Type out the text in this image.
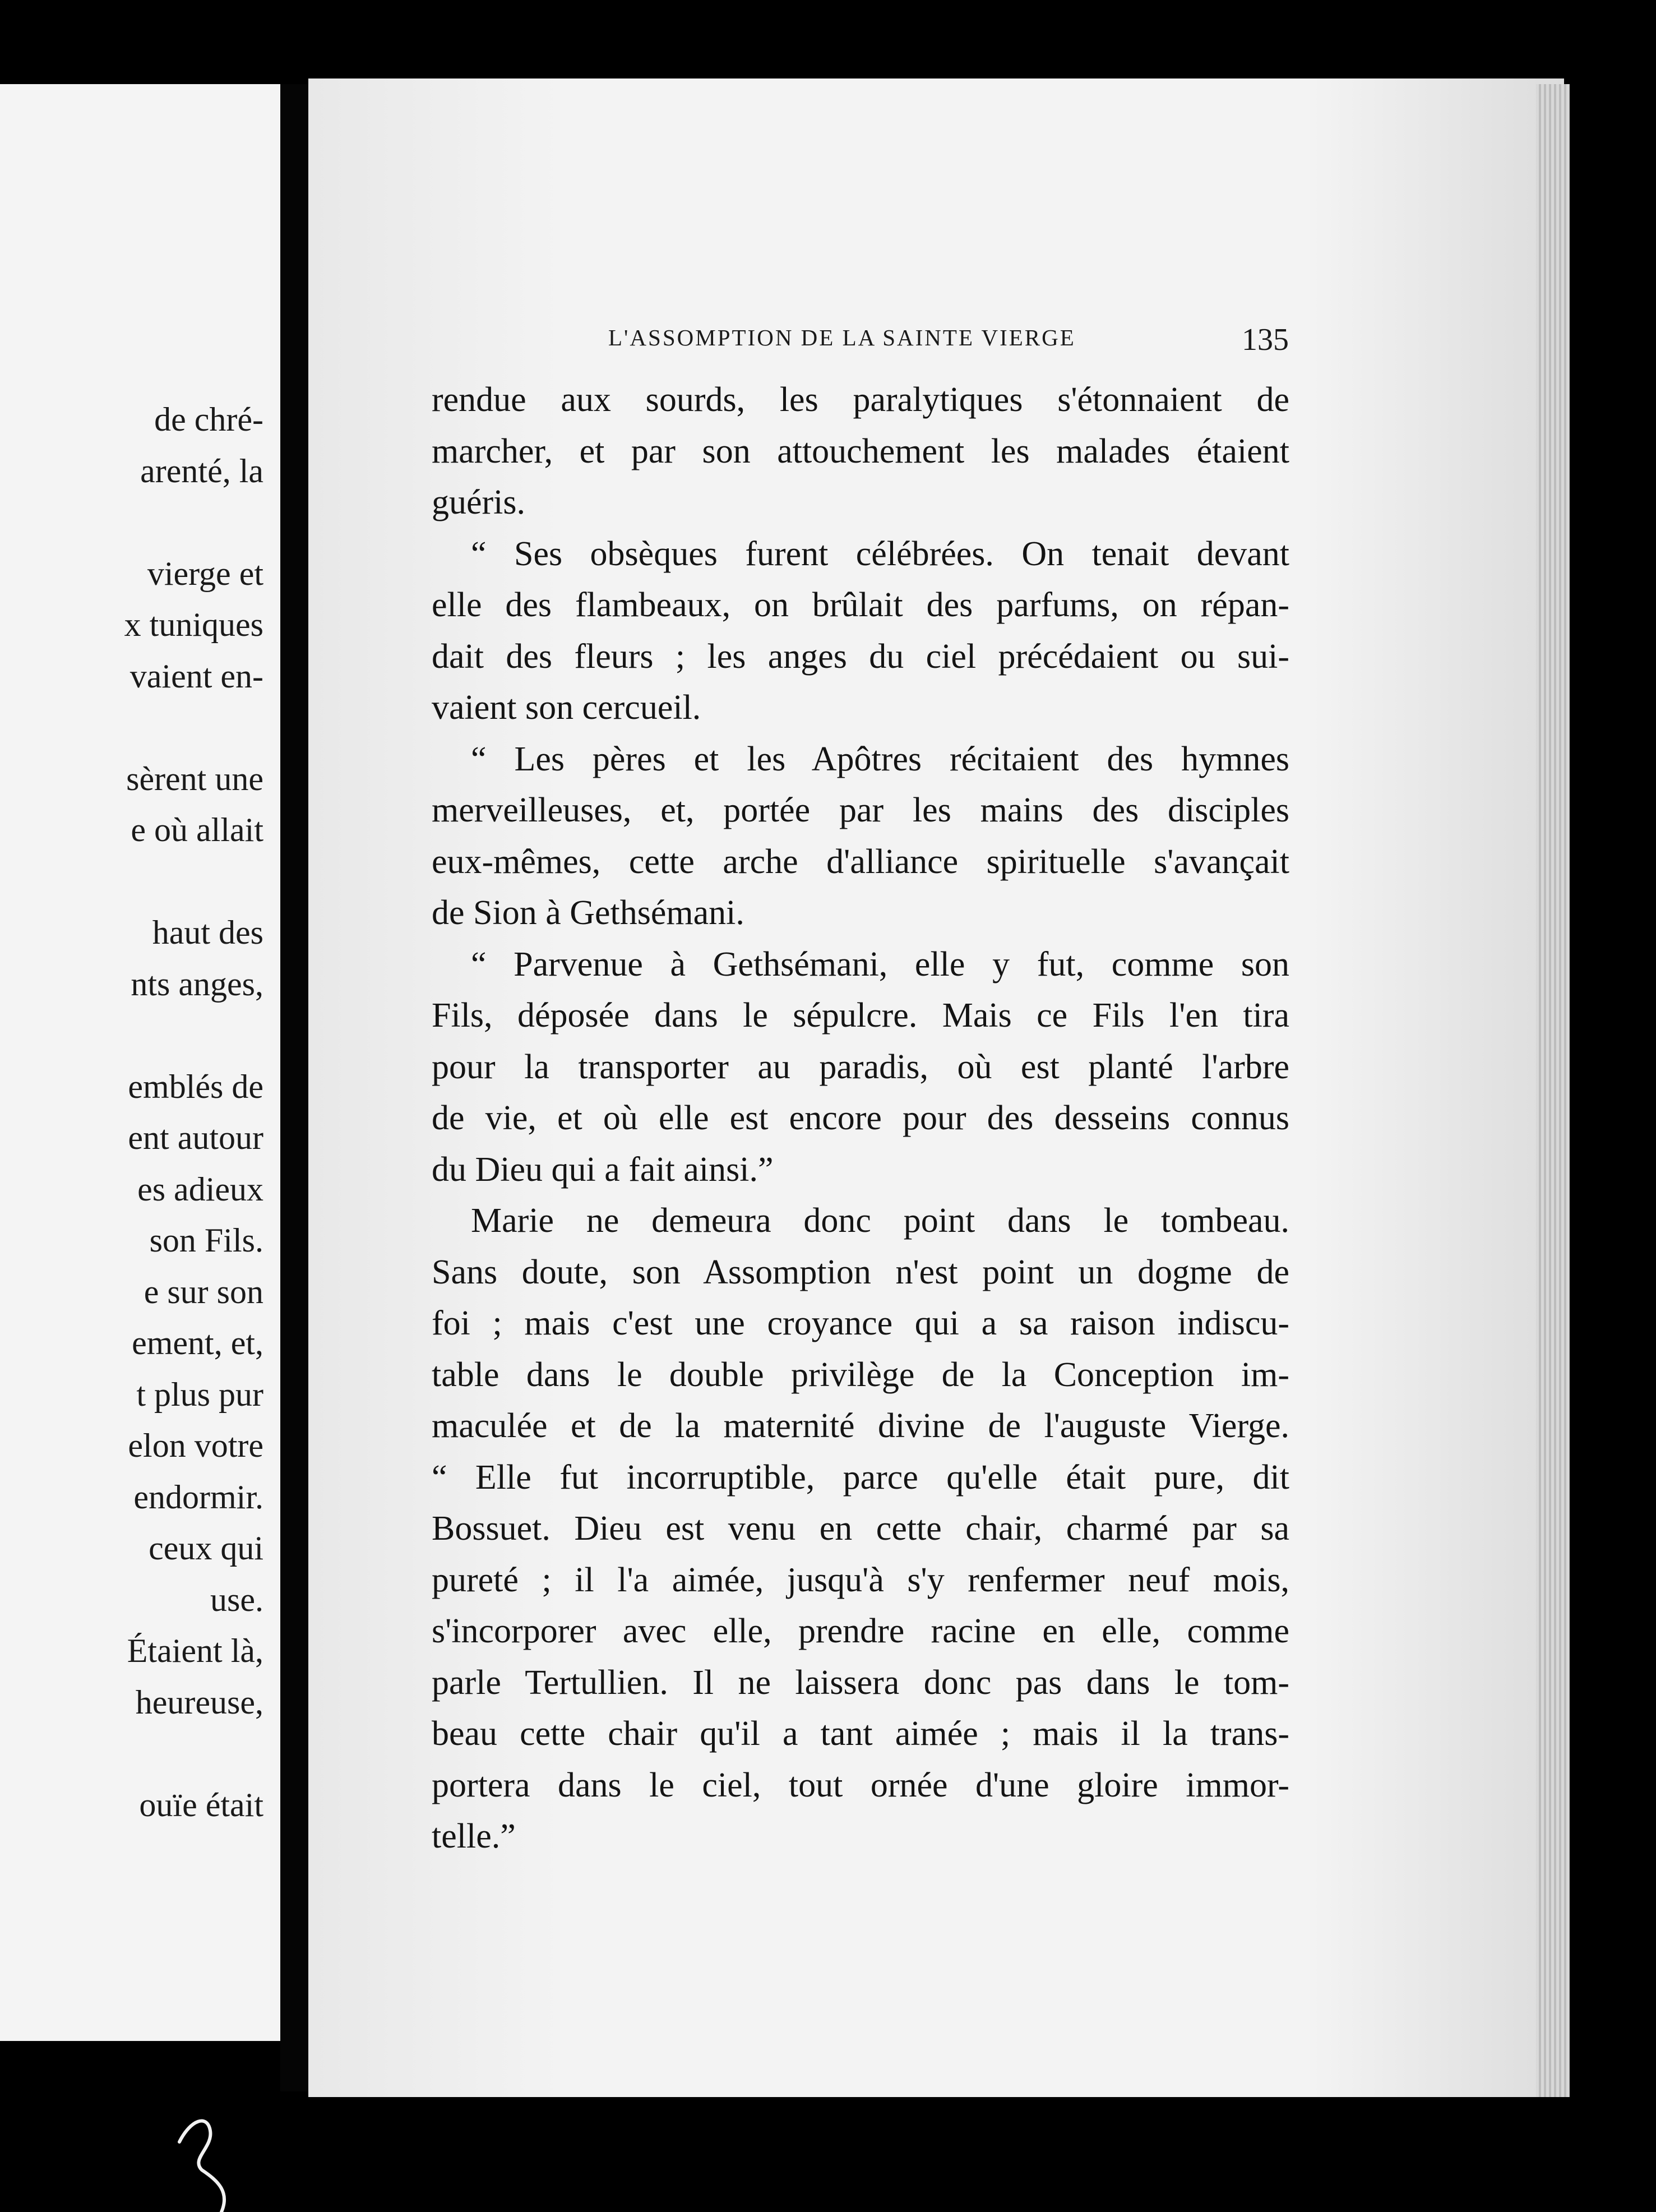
de chré-
arenté, la
vierge et
x tuniques
vaient en-
sèrent une
e où allait
haut des
nts anges,
emblés de
ent autour
es adieux
son Fils.
e sur son
ement, et,
t plus pur
elon votre
endormir.
ceux qui
use.
Étaient là,
heureuse,
ouïe était
L'ASSOMPTION DE LA SAINTE VIERGE	135
rendue aux sourds, les paralytiques s'étonnaient de
marcher, et par son attouchement les malades étaient
guéris.
“ Ses obsèques furent célébrées. On tenait devant
elle des flambeaux, on brûlait des parfums, on répan-
dait des fleurs ; les anges du ciel précédaient ou sui-
vaient son cercueil.
“ Les pères et les Apôtres récitaient des hymnes
merveilleuses, et, portée par les mains des disciples
eux-mêmes, cette arche d'alliance spirituelle s'avançait
de Sion à Gethsémani.
“ Parvenue à Gethsémani, elle y fut, comme son
Fils, déposée dans le sépulcre. Mais ce Fils l'en tira
pour la transporter au paradis, où est planté l'arbre
de vie, et où elle est encore pour des desseins connus
du Dieu qui a fait ainsi.”
Marie ne demeura donc point dans le tombeau.
Sans doute, son Assomption n'est point un dogme de
foi ; mais c'est une croyance qui a sa raison indiscu-
table dans le double privilège de la Conception im-
maculée et de la maternité divine de l'auguste Vierge.
“ Elle fut incorruptible, parce qu'elle était pure, dit
Bossuet. Dieu est venu en cette chair, charmé par sa
pureté ; il l'a aimée, jusqu'à s'y renfermer neuf mois,
s'incorporer avec elle, prendre racine en elle, comme
parle Tertullien. Il ne laissera donc pas dans le tom-
beau cette chair qu'il a tant aimée ; mais il la trans-
portera dans le ciel, tout ornée d'une gloire immor-
telle.”
